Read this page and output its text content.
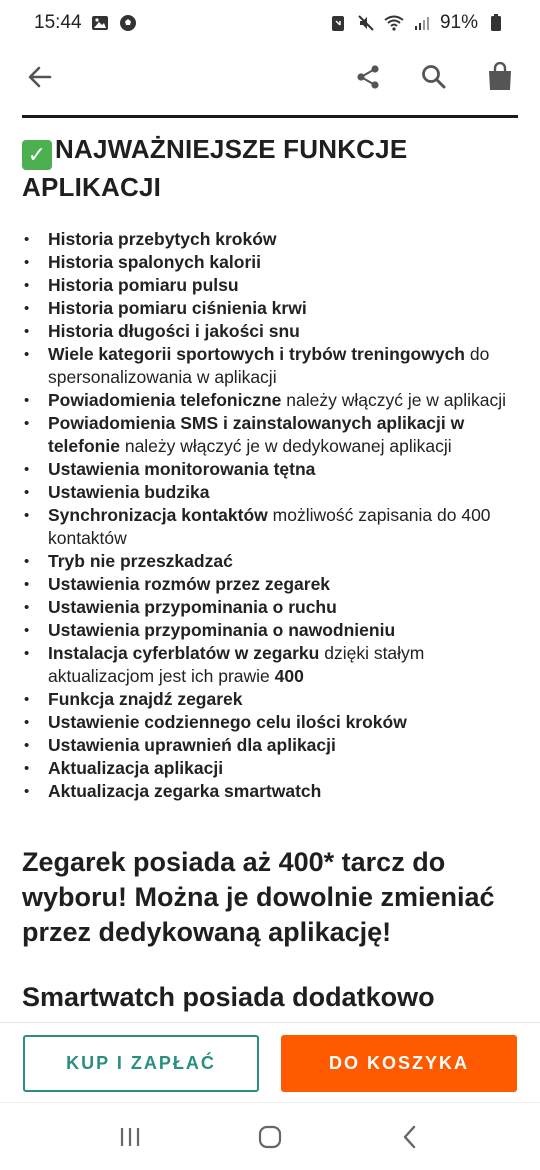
15:44	91%
✓ NAJWAŻNIEJSZE FUNKCJE APLIKACJI
• Historia przebytych kroków
• Historia spalonych kalorii
• Historia pomiaru pulsu
• Historia pomiaru ciśnienia krwi
• Historia długości i jakości snu
• Wiele kategorii sportowych i trybów treningowych do spersonalizowania w aplikacji
• Powiadomienia telefoniczne należy włączyć je w aplikacji
• Powiadomienia SMS i zainstalowanych aplikacji w telefonie należy włączyć je w dedykowanej aplikacji
• Ustawienia monitorowania tętna
• Ustawienia budzika
• Synchronizacja kontaktów możliwość zapisania do 400 kontaktów
• Tryb nie przeszkadzać
• Ustawienia rozmów przez zegarek
• Ustawienia przypominania o ruchu
• Ustawienia przypominania o nawodnieniu
• Instalacja cyferblatów w zegarku dzięki stałym aktualizacjom jest ich prawie 400
• Funkcja znajdź zegarek
• Ustawienie codziennego celu ilości kroków
• Ustawienia uprawnień dla aplikacji
• Aktualizacja aplikacji
• Aktualizacja zegarka smartwatch
Zegarek posiada aż 400* tarcz do wyboru! Można je dowolnie zmieniać przez dedykowaną aplikację!
Smartwatch posiada dodatkowo
KUP I ZAPŁAĆ	DO KOSZYKA
